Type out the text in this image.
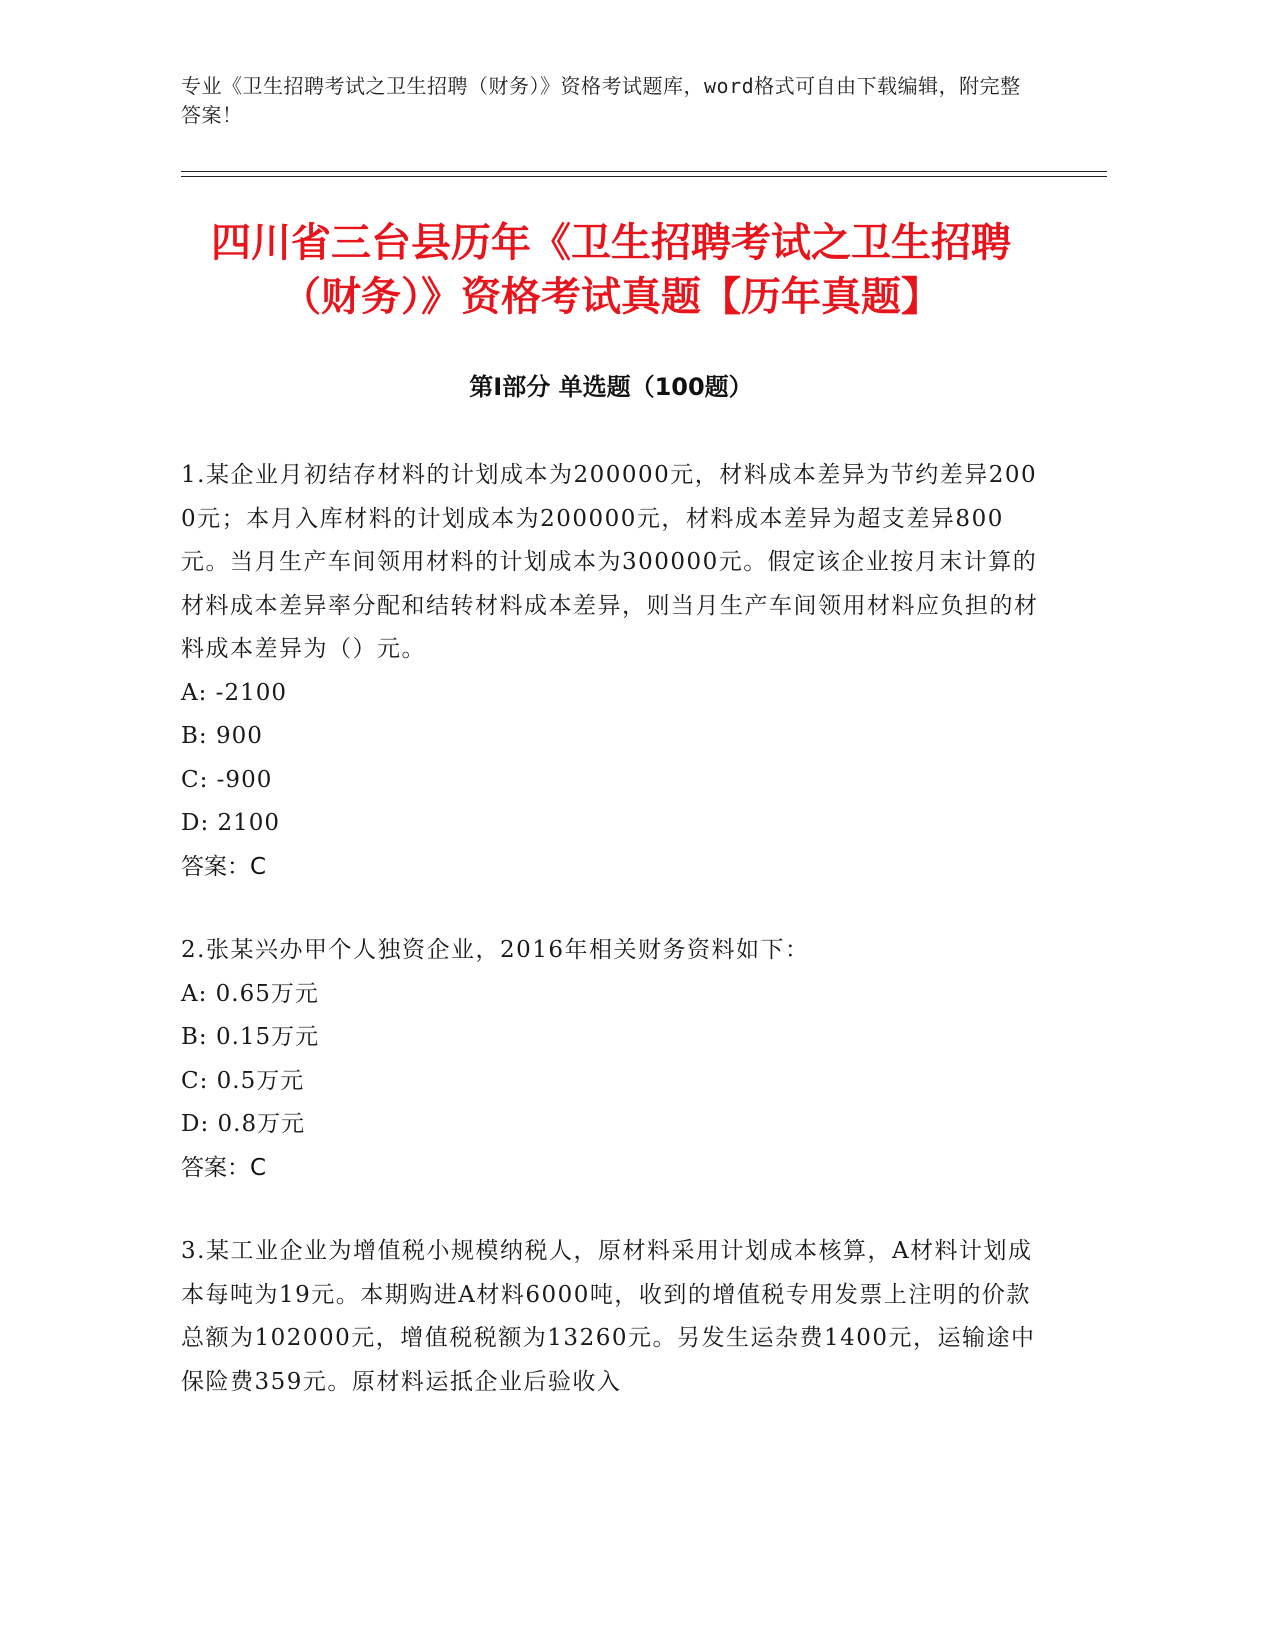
专业《卫生招聘考试之卫生招聘（财务）》资格考试题库，word格式可自由下载编辑，附完整答案！
四川省三台县历年《卫生招聘考试之卫生招聘（财务）》资格考试真题【历年真题】
第Ⅰ部分 单选题（100题）

1.某企业月初结存材料的计划成本为200000元，材料成本差异为节约差异2000元；本月入库材料的计划成本为200000元，材料成本差异为超支差异800元。当月生产车间领用材料的计划成本为300000元。假定该企业按月末计算的材料成本差异率分配和结转材料成本差异，则当月生产车间领用材料应负担的材料成本差异为（）元。

A: -2100
B: 900
C: -900
D: 2100
答案：C

2.张某兴办甲个人独资企业，2016年相关财务资料如下：

A: 0.65万元
B: 0.15万元
C: 0.5万元
D: 0.8万元
答案：C

3.某工业企业为增值税小规模纳税人，原材料采用计划成本核算，A材料计划成本每吨为19元。本期购进A材料6000吨，收到的增值税专用发票上注明的价款总额为102000元，增值税税额为13260元。另发生运杂费1400元，运输途中保险费359元。原材料运抵企业后验收入
